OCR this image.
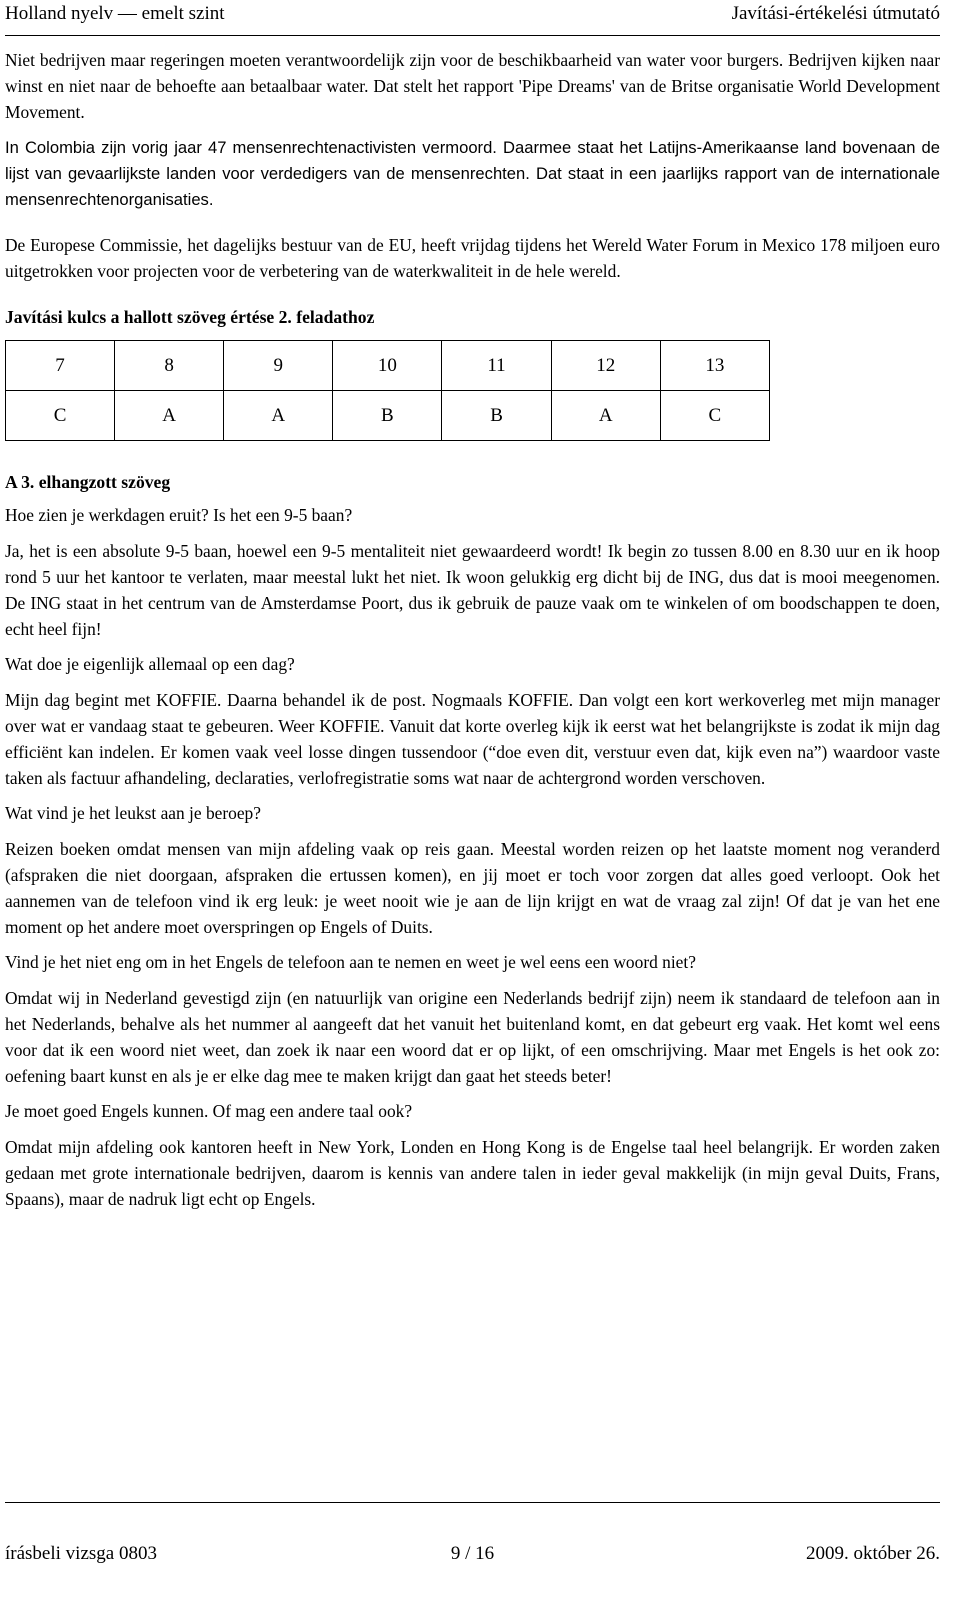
Holland nyelv — emelt szint	Javítási-értékelési útmutató

Niet bedrijven maar regeringen moeten verantwoordelijk zijn voor de beschikbaarheid van water voor burgers. Bedrijven kijken naar winst en niet naar de behoefte aan betaalbaar water. Dat stelt het rapport 'Pipe Dreams' van de Britse organisatie World Development Movement.

In Colombia zijn vorig jaar 47 mensenrechtenactivisten vermoord. Daarmee staat het Latijns-Amerikaanse land bovenaan de lijst van gevaarlijkste landen voor verdedigers van de mensenrechten. Dat staat in een jaarlijks rapport van de internationale mensenrechtenorganisaties.

De Europese Commissie, het dagelijks bestuur van de EU, heeft vrijdag tijdens het Wereld Water Forum in Mexico 178 miljoen euro uitgetrokken voor projecten voor de verbetering van de waterkwaliteit in de hele wereld.

Javítási kulcs a hallott szöveg értése 2. feladathoz
7	8	9	10	11	12	13
C	A	A	B	B	A	C
A 3. elhangzott szöveg

Hoe zien je werkdagen eruit? Is het een 9-5 baan?

Ja, het is een absolute 9-5 baan, hoewel een 9-5 mentaliteit niet gewaardeerd wordt! Ik begin zo tussen 8.00 en 8.30 uur en ik hoop rond 5 uur het kantoor te verlaten, maar meestal lukt het niet. Ik woon gelukkig erg dicht bij de ING, dus dat is mooi meegenomen. De ING staat in het centrum van de Amsterdamse Poort, dus ik gebruik de pauze vaak om te winkelen of om boodschappen te doen, echt heel fijn!

Wat doe je eigenlijk allemaal op een dag?

Mijn dag begint met KOFFIE. Daarna behandel ik de post. Nogmaals KOFFIE. Dan volgt een kort werkoverleg met mijn manager over wat er vandaag staat te gebeuren. Weer KOFFIE. Vanuit dat korte overleg kijk ik eerst wat het belangrijkste is zodat ik mijn dag efficiënt kan indelen. Er komen vaak veel losse dingen tussendoor (“doe even dit, verstuur even dat, kijk even na”) waardoor vaste taken als factuur afhandeling, declaraties, verlofregistratie soms wat naar de achtergrond worden verschoven.

Wat vind je het leukst aan je beroep?

Reizen boeken omdat mensen van mijn afdeling vaak op reis gaan. Meestal worden reizen op het laatste moment nog veranderd (afspraken die niet doorgaan, afspraken die ertussen komen), en jij moet er toch voor zorgen dat alles goed verloopt. Ook het aannemen van de telefoon vind ik erg leuk: je weet nooit wie je aan de lijn krijgt en wat de vraag zal zijn! Of dat je van het ene moment op het andere moet overspringen op Engels of Duits.

Vind je het niet eng om in het Engels de telefoon aan te nemen en weet je wel eens een woord niet?

Omdat wij in Nederland gevestigd zijn (en natuurlijk van origine een Nederlands bedrijf zijn) neem ik standaard de telefoon aan in het Nederlands, behalve als het nummer al aangeeft dat het vanuit het buitenland komt, en dat gebeurt erg vaak. Het komt wel eens voor dat ik een woord niet weet, dan zoek ik naar een woord dat er op lijkt, of een omschrijving. Maar met Engels is het ook zo: oefening baart kunst en als je er elke dag mee te maken krijgt dan gaat het steeds beter!

Je moet goed Engels kunnen. Of mag een andere taal ook?

Omdat mijn afdeling ook kantoren heeft in New York, Londen en Hong Kong is de Engelse taal heel belangrijk. Er worden zaken gedaan met grote internationale bedrijven, daarom is kennis van andere talen in ieder geval makkelijk (in mijn geval Duits, Frans, Spaans), maar de nadruk ligt echt op Engels.

írásbeli vizsga 0803	9 / 16	2009. október 26.
